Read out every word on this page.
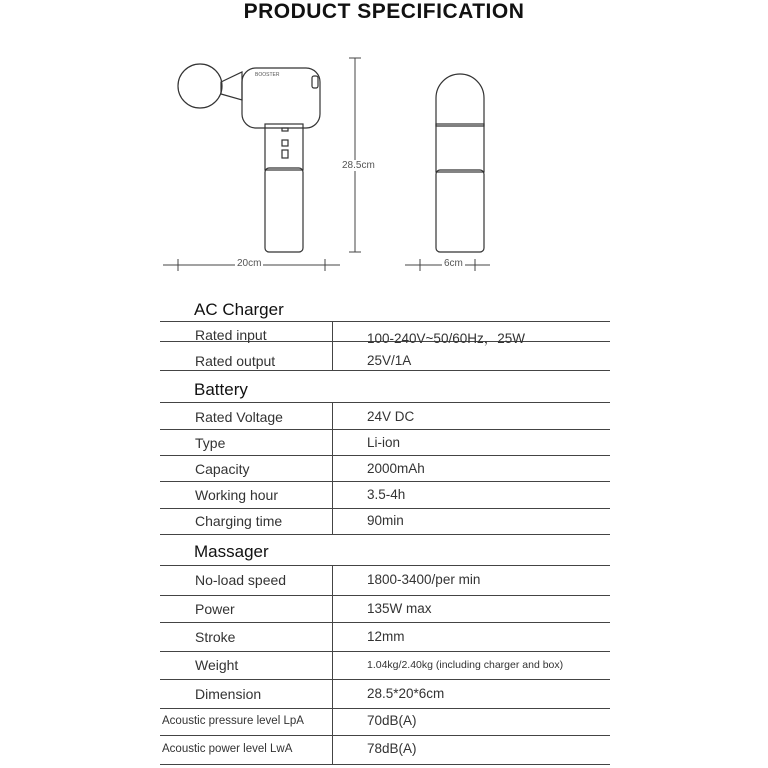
PRODUCT SPECIFICATION
BOOSTER
28.5cm
20cm	6cm
AC Charger
Rated input	100-240V~50/60Hz，25W
Rated output	25V/1A
Battery
Rated Voltage	24V DC
Type	Li-ion
Capacity	2000mAh
Working hour	3.5-4h
Charging time	90min
Massager
No-load speed	1800-3400/per min
Power	135W max
Stroke	12mm
Weight	1.04kg/2.40kg (including charger and box)
Dimension	28.5*20*6cm
Acoustic pressure level LpA	70dB(A)
Acoustic power level LwA	78dB(A)
